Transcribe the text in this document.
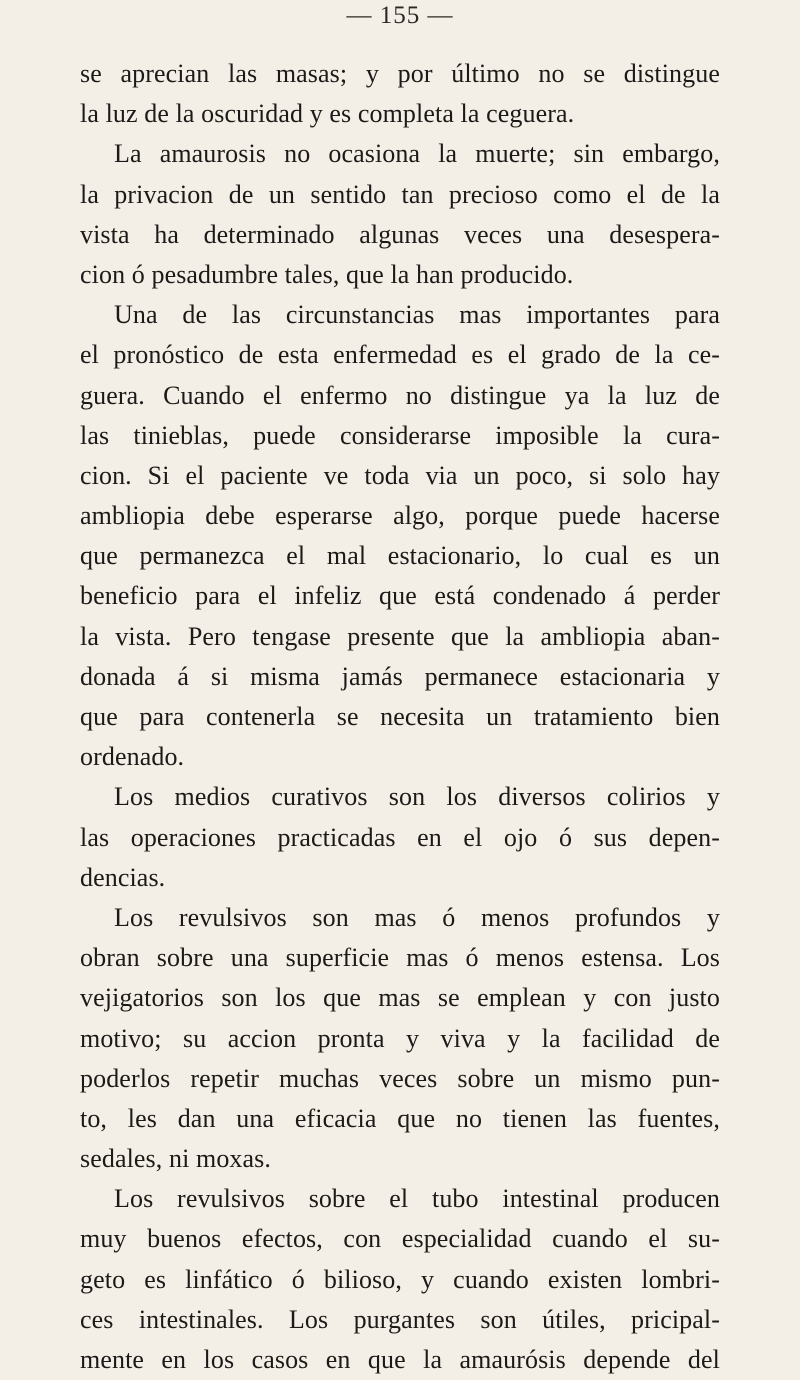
— 155 —
se aprecian las masas; y por último no se distingue
la luz de la oscuridad y es completa la ceguera.
La amaurosis no ocasiona la muerte; sin embargo,
la privacion de un sentido tan precioso como el de la
vista ha determinado algunas veces una desespera-
cion ó pesadumbre tales, que la han producido.
Una de las circunstancias mas importantes para
el pronóstico de esta enfermedad es el grado de la ce-
guera. Cuando el enfermo no distingue ya la luz de
las tinieblas, puede considerarse imposible la cura-
cion. Si el paciente ve toda via un poco, si solo hay
ambliopia debe esperarse algo, porque puede hacerse
que permanezca el mal estacionario, lo cual es un
beneficio para el infeliz que está condenado á perder
la vista. Pero tengase presente que la ambliopia aban-
donada á si misma jamás permanece estacionaria y
que para contenerla se necesita un tratamiento bien
ordenado.
Los medios curativos son los diversos colirios y
las operaciones practicadas en el ojo ó sus depen-
dencias.
Los revulsivos son mas ó menos profundos y
obran sobre una superficie mas ó menos estensa. Los
vejigatorios son los que mas se emplean y con justo
motivo; su accion pronta y viva y la facilidad de
poderlos repetir muchas veces sobre un mismo pun-
to, les dan una eficacia que no tienen las fuentes,
sedales, ni moxas.
Los revulsivos sobre el tubo intestinal producen
muy buenos efectos, con especialidad cuando el su-
geto es linfático ó bilioso, y cuando existen lombri-
ces intestinales. Los purgantes son útiles, pricipal-
mente en los casos en que la amaurósis depende del
